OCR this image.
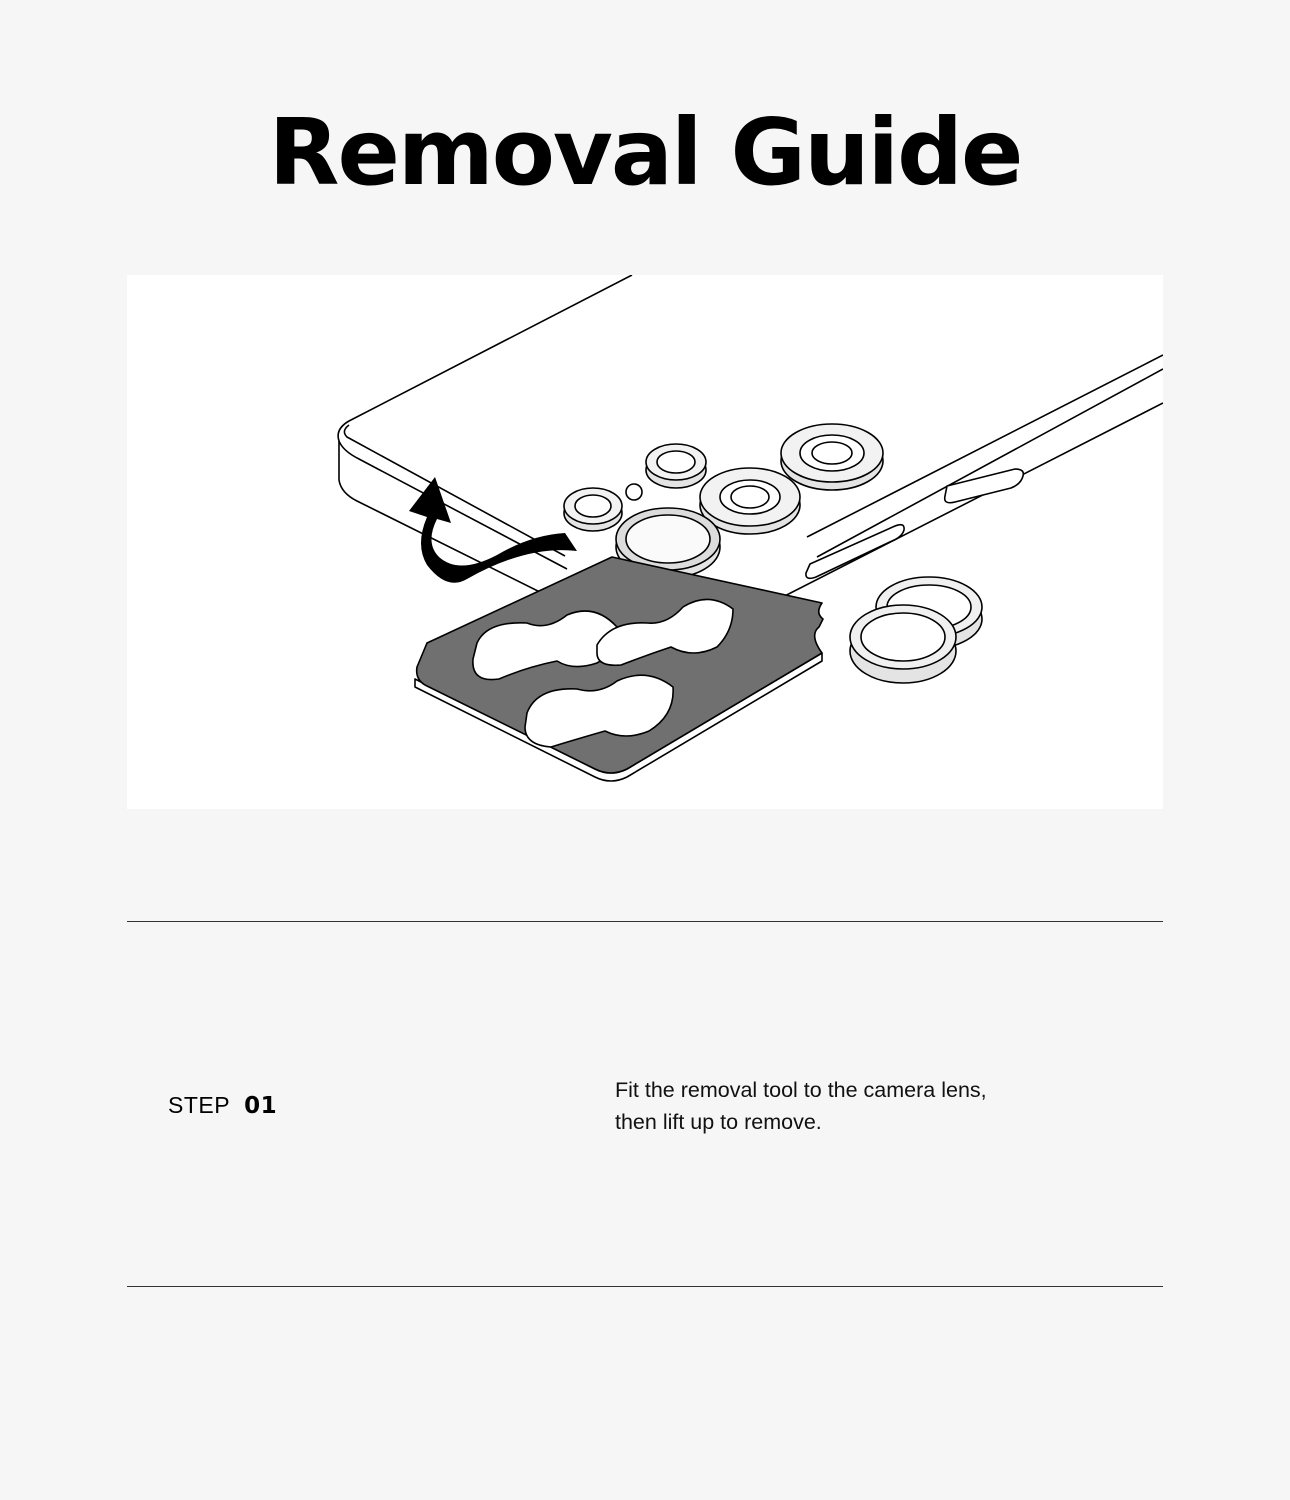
Removal Guide
STEP 01

Fit the removal tool to the camera lens,
then lift up to remove.
